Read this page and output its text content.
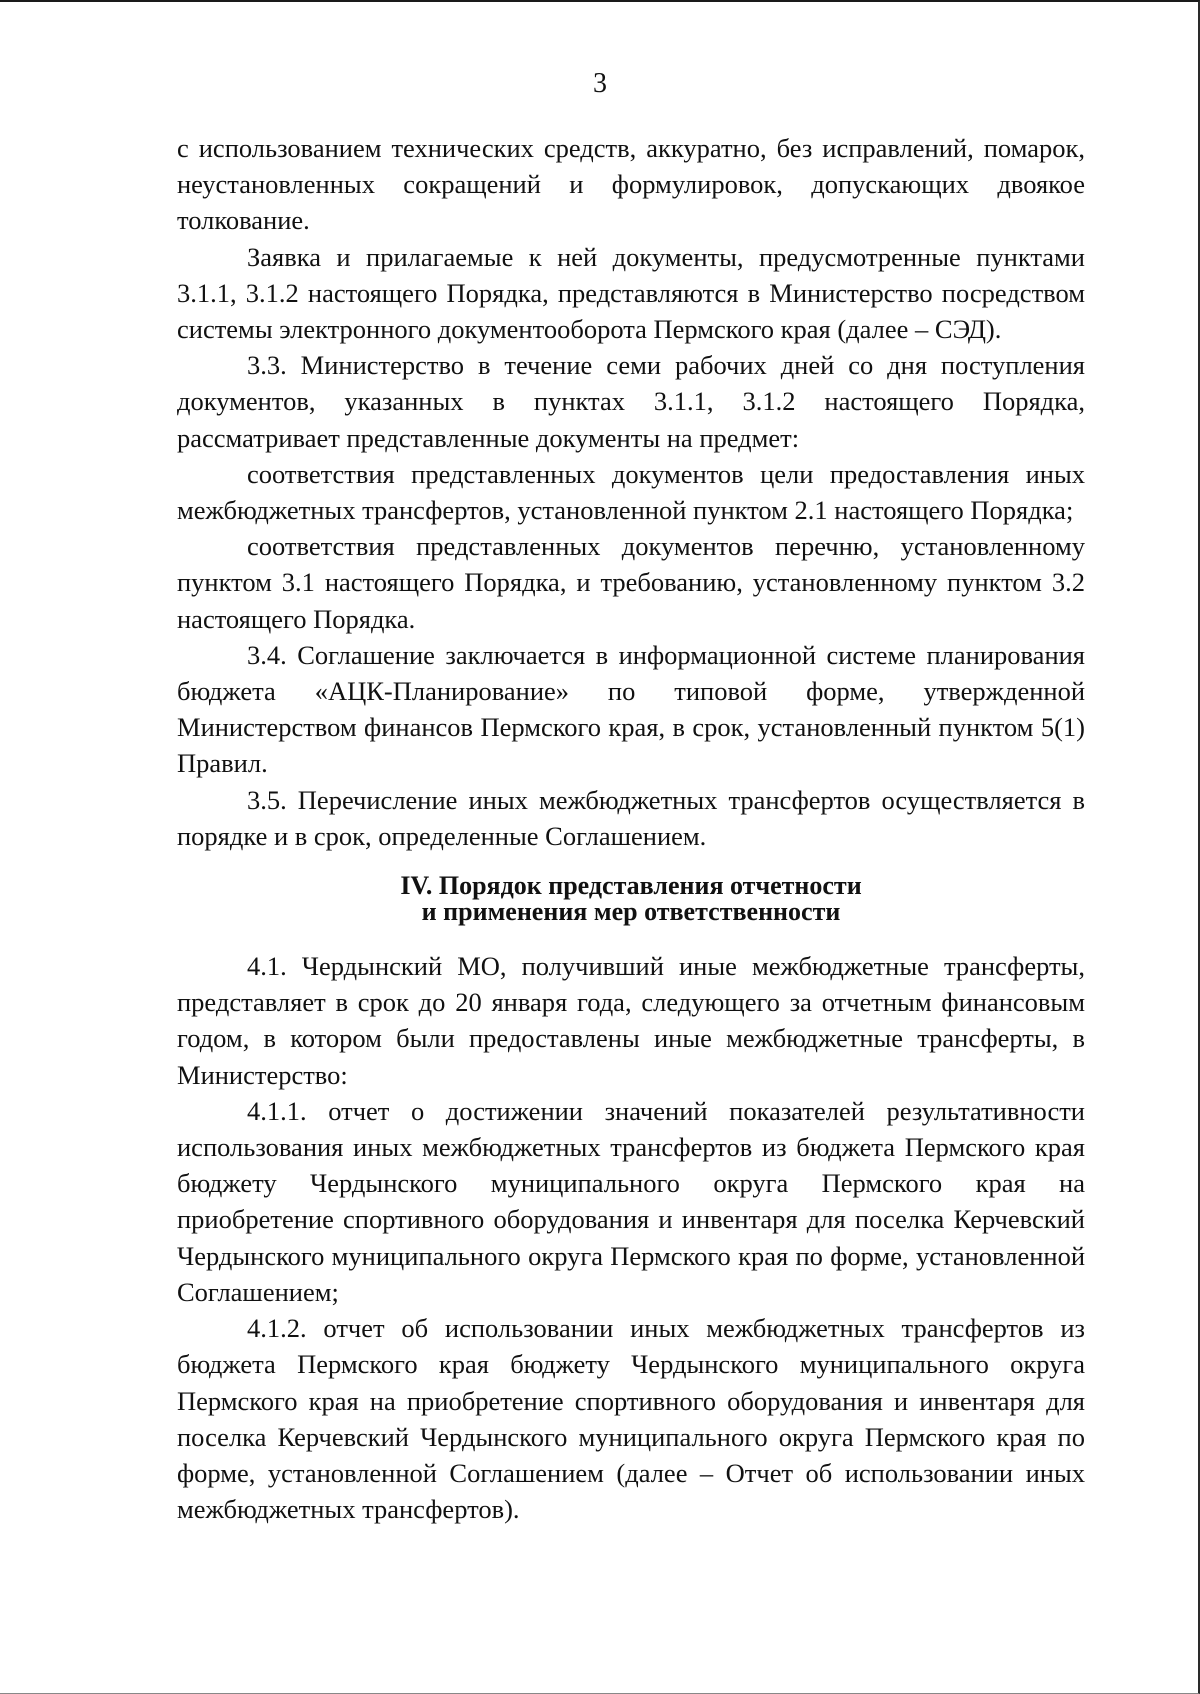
3

с использованием технических средств, аккуратно, без исправлений, помарок, неустановленных сокращений и формулировок, допускающих двоякое толкование.

Заявка и прилагаемые к ней документы, предусмотренные пунктами 3.1.1, 3.1.2 настоящего Порядка, представляются в Министерство посредством системы электронного документооборота Пермского края (далее – СЭД).

3.3. Министерство в течение семи рабочих дней со дня поступления документов, указанных в пунктах 3.1.1, 3.1.2 настоящего Порядка, рассматривает представленные документы на предмет:

соответствия представленных документов цели предоставления иных межбюджетных трансфертов, установленной пунктом 2.1 настоящего Порядка;

соответствия представленных документов перечню, установленному пунктом 3.1 настоящего Порядка, и требованию, установленному пунктом 3.2 настоящего Порядка.

3.4. Соглашение заключается в информационной системе планирования бюджета «АЦК-Планирование» по типовой форме, утвержденной Министерством финансов Пермского края, в срок, установленный пунктом 5(1) Правил.

3.5. Перечисление иных межбюджетных трансфертов осуществляется в порядке и в срок, определенные Соглашением.

IV. Порядок представления отчетности
и применения мер ответственности

4.1. Чердынский МО, получивший иные межбюджетные трансферты, представляет в срок до 20 января года, следующего за отчетным финансовым годом, в котором были предоставлены иные межбюджетные трансферты, в Министерство:

4.1.1. отчет о достижении значений показателей результативности использования иных межбюджетных трансфертов из бюджета Пермского края бюджету Чердынского муниципального округа Пермского края на приобретение спортивного оборудования и инвентаря для поселка Керчевский Чердынского муниципального округа Пермского края по форме, установленной Соглашением;

4.1.2. отчет об использовании иных межбюджетных трансфертов из бюджета Пермского края бюджету Чердынского муниципального округа Пермского края на приобретение спортивного оборудования и инвентаря для поселка Керчевский Чердынского муниципального округа Пермского края по форме, установленной Соглашением (далее – Отчет об использовании иных межбюджетных трансфертов).
